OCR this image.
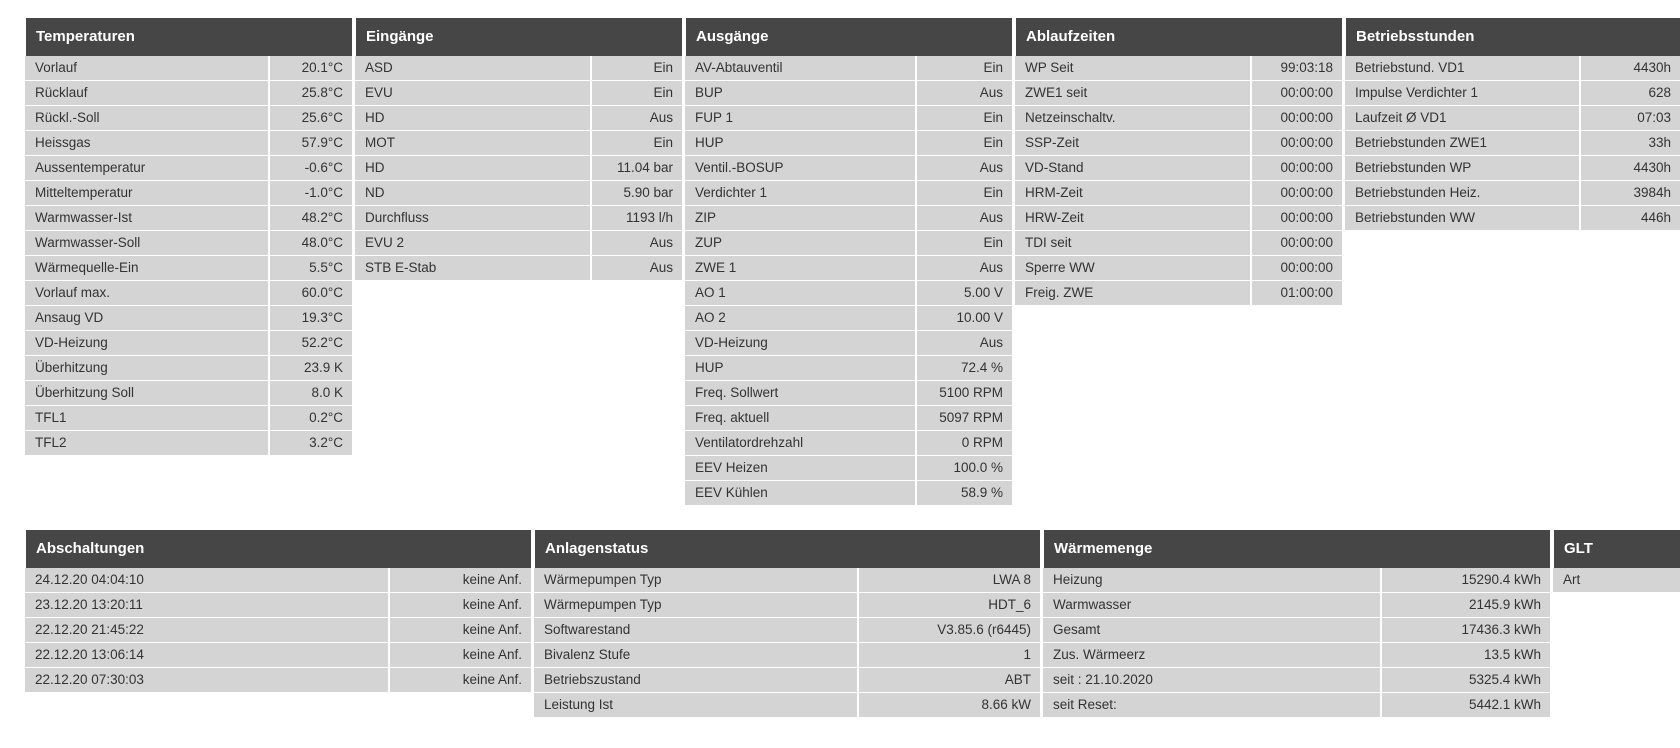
Temperaturen
Vorlauf	20.1°C
Rücklauf	25.8°C
Rückl.-Soll	25.6°C
Heissgas	57.9°C
Aussentemperatur	-0.6°C
Mitteltemperatur	-1.0°C
Warmwasser-Ist	48.2°C
Warmwasser-Soll	48.0°C
Wärmequelle-Ein	5.5°C
Vorlauf max.	60.0°C
Ansaug VD	19.3°C
VD-Heizung	52.2°C
Überhitzung	23.9 K
Überhitzung Soll	8.0 K
TFL1	0.2°C
TFL2	3.2°C
Eingänge
ASD	Ein
EVU	Ein
HD	Aus
MOT	Ein
HD	11.04 bar
ND	5.90 bar
Durchfluss	1193 l/h
EVU 2	Aus
STB E-Stab	Aus
Ausgänge
AV-Abtauventil	Ein
BUP	Aus
FUP 1	Ein
HUP	Ein
Ventil.-BOSUP	Aus
Verdichter 1	Ein
ZIP	Aus
ZUP	Ein
ZWE 1	Aus
AO 1	5.00 V
AO 2	10.00 V
VD-Heizung	Aus
HUP	72.4 %
Freq. Sollwert	5100 RPM
Freq. aktuell	5097 RPM
Ventilatordrehzahl	0 RPM
EEV Heizen	100.0 %
EEV Kühlen	58.9 %
Ablaufzeiten
WP Seit	99:03:18
ZWE1 seit	00:00:00
Netzeinschaltv.	00:00:00
SSP-Zeit	00:00:00
VD-Stand	00:00:00
HRM-Zeit	00:00:00
HRW-Zeit	00:00:00
TDI seit	00:00:00
Sperre WW	00:00:00
Freig. ZWE	01:00:00
Betriebsstunden
Betriebstund. VD1	4430h
Impulse Verdichter 1	628
Laufzeit Ø VD1	07:03
Betriebstunden ZWE1	33h
Betriebstunden WP	4430h
Betriebstunden Heiz.	3984h
Betriebstunden WW	446h
Abschaltungen
24.12.20 04:04:10	keine Anf.
23.12.20 13:20:11	keine Anf.
22.12.20 21:45:22	keine Anf.
22.12.20 13:06:14	keine Anf.
22.12.20 07:30:03	keine Anf.
Anlagenstatus
Wärmepumpen Typ	LWA 8
Wärmepumpen Typ	HDT_6
Softwarestand	V3.85.6 (r6445)
Bivalenz Stufe	1
Betriebszustand	ABT
Leistung Ist	8.66 kW
Wärmemenge
Heizung	15290.4 kWh
Warmwasser	2145.9 kWh
Gesamt	17436.3 kWh
Zus. Wärmeerz	13.5 kWh
seit : 21.10.2020	5325.4 kWh
seit Reset:	5442.1 kWh
GLT
Art
